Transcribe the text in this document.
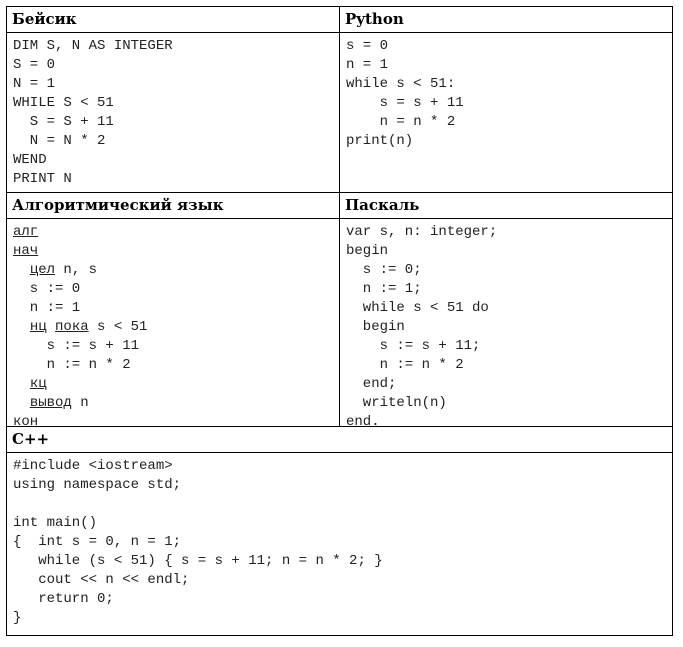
Бейсик	Python
DIM S, N AS INTEGER
S = 0
N = 1
WHILE S < 51
S = S + 11
N = N * 2
WEND
PRINT N
s = 0
n = 1
while s < 51:
s = s + 11
n = n * 2
print(n)
Алгоритмический язык	Паскаль
алг
нач
цел n, s
s := 0
n := 1
нц пока s < 51
s := s + 11
n := n * 2
кц
вывод n
кон
var s, n: integer;
begin
s := 0;
n := 1;
while s < 51 do
begin
s := s + 11;
n := n * 2
end;
writeln(n)
end.
С++
#include <iostream>
using namespace std;
int main()
{  int s = 0, n = 1;
while (s < 51) { s = s + 11; n = n * 2; }
cout << n << endl;
return 0;
}
